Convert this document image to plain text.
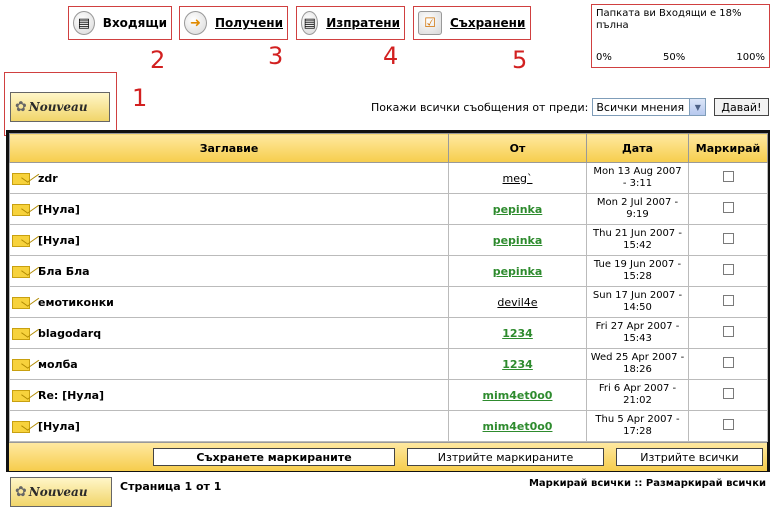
▤	Входящи
2
➜	Получени
3
▤ Изпратени
4
☑	Съхранени
5
Папката ви Входящи е 18% пълна
0%	50%	100%
✿ Nouveau 1	Покажи всички съобщения от преди: Всички мнения	▼	Давай!
Заглавие	От	Дата	Маркирай
zdr	meg`	Mon 13 Aug 2007 - 3:11	
[Нула]	pepinka	Mon 2 Jul 2007 - 9:19	
[Нула]	pepinka	Thu 21 Jun 2007 - 15:42	
Бла Бла	pepinka	Tue 19 Jun 2007 - 15:28	
емотиконки	devil4e	Sun 17 Jun 2007 - 14:50	
blagodarq	1234	Fri 27 Apr 2007 - 15:43	
молба	1234	Wed 25 Apr 2007 - 18:26	
Re: [Нула]	mim4et0o0	Fri 6 Apr 2007 - 21:02	
[Нула]	mim4et0o0	Thu 5 Apr 2007 - 17:28	
Съхранете маркираните	Изтрийте маркираните	Изтрийте всички
✿ Nouveau	Страница 1 от 1	Маркирай всички :: Размаркирай всички
